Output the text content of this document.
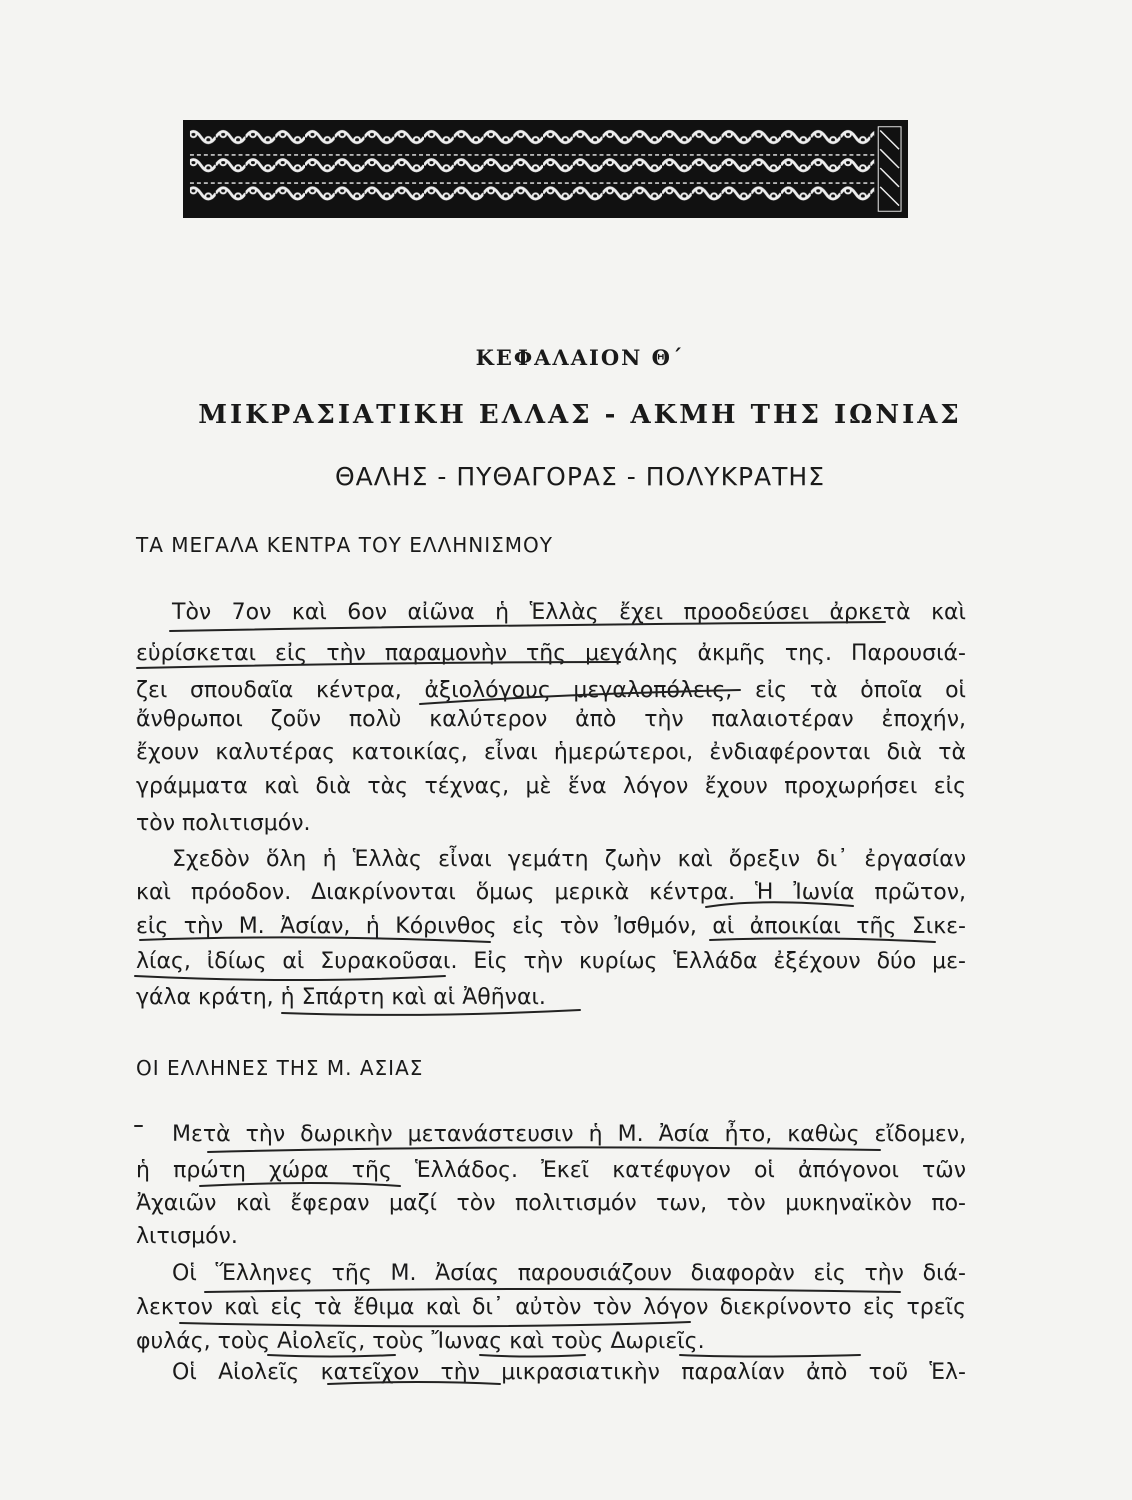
ΚΕΦΑΛΑΙΟΝ Θ΄
ΜΙΚΡΑΣΙΑΤΙΚΗ ΕΛΛΑΣ - ΑΚΜΗ ΤΗΣ ΙΩΝΙΑΣ
ΘΑΛΗΣ - ΠΥΘΑΓΟΡΑΣ - ΠΟΛΥΚΡΑΤΗΣ
ΤΑ ΜΕΓΑΛΑ ΚΕΝΤΡΑ ΤΟΥ ΕΛΛΗΝΙΣΜΟΥ
Τὸν 7ον καὶ 6ον αἰῶνα ἡ Ἑλλὰς ἔχει προοδεύσει ἀρκετὰ καὶ
εὑρίσκεται εἰς τὴν παραμονὴν τῆς μεγάλης ἀκμῆς της. Παρουσιά-
ζει σπουδαῖα κέντρα, ἀξιολόγους μεγαλοπόλεις, εἰς τὰ ὁποῖα οἱ
ἄνθρωποι ζοῦν πολὺ καλύτερον ἀπὸ τὴν παλαιοτέραν ἐποχήν,
ἔχουν καλυτέρας κατοικίας, εἶναι ἡμερώτεροι, ἐνδιαφέρονται διὰ τὰ
γράμματα καὶ διὰ τὰς τέχνας, μὲ ἕνα λόγον ἔχουν προχωρήσει εἰς
τὸν πολιτισμόν.
Σχεδὸν ὅλη ἡ Ἑλλὰς εἶναι γεμάτη ζωὴν καὶ ὄρεξιν δι᾽ ἐργασίαν
καὶ πρόοδον. Διακρίνονται ὅμως μερικὰ κέντρα. Ἡ Ἰωνία πρῶτον,
εἰς τὴν Μ. Ἀσίαν, ἡ Κόρινθος εἰς τὸν Ἰσθμόν, αἱ ἀποικίαι τῆς Σικε-
λίας, ἰδίως αἱ Συρακοῦσαι. Εἰς τὴν κυρίως Ἑλλάδα ἐξέχουν δύο με-
γάλα κράτη, ἡ Σπάρτη καὶ αἱ Ἀθῆναι.
ΟΙ ΕΛΛΗΝΕΣ ΤΗΣ Μ. ΑΣΙΑΣ
Μετὰ τὴν δωρικὴν μετανάστευσιν ἡ Μ. Ἀσία ἦτο, καθὼς εἴδομεν,
ἡ πρώτη χώρα τῆς Ἑλλάδος. Ἐκεῖ κατέφυγον οἱ ἀπόγονοι τῶν
Ἀχαιῶν καὶ ἔφεραν μαζί τὸν πολιτισμόν των, τὸν μυκηναϊκὸν πο-
λιτισμόν.
Οἱ Ἕλληνες τῆς Μ. Ἀσίας παρουσιάζουν διαφορὰν εἰς τὴν διά-
λεκτον καὶ εἰς τὰ ἔθιμα καὶ δι᾽ αὐτὸν τὸν λόγον διεκρίνοντο εἰς τρεῖς
φυλάς, τοὺς Αἰολεῖς, τοὺς Ἴωνας καὶ τοὺς Δωριεῖς.
Οἱ Αἰολεῖς κατεῖχον τὴν μικρασιατικὴν παραλίαν ἀπὸ τοῦ Ἑλ-
